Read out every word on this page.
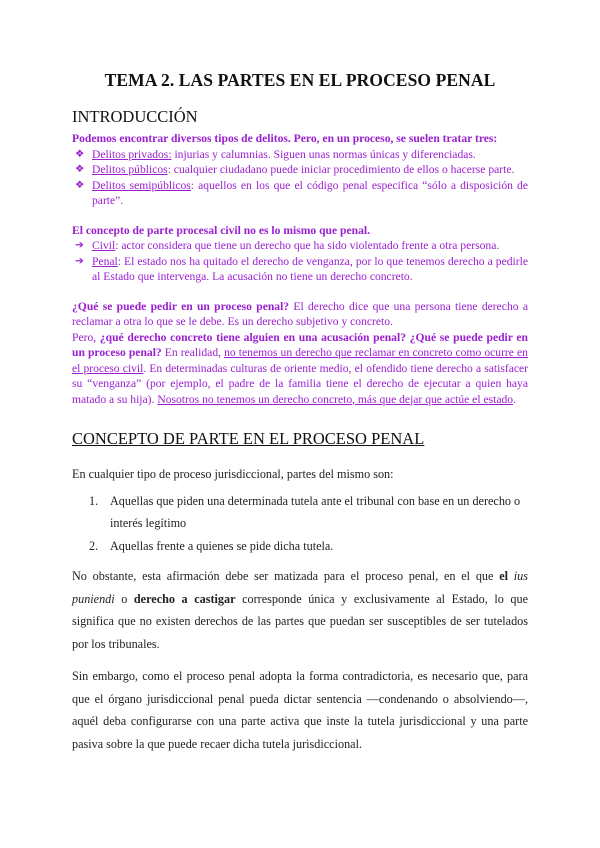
TEMA 2. LAS PARTES EN EL PROCESO PENAL
INTRODUCCIÓN

Podemos encontrar diversos tipos de delitos. Pero, en un proceso, se suelen tratar tres:

❖ Delitos privados: injurias y calumnias. Siguen unas normas únicas y diferenciadas.
❖ Delitos públicos: cualquier ciudadano puede iniciar procedimiento de ellos o hacerse parte.
❖ Delitos semipúblicos: aquellos en los que el código penal especifica “sólo a disposición de parte”.

El concepto de parte procesal civil no es lo mismo que penal.

➔ Civil: actor considera que tiene un derecho que ha sido violentado frente a otra persona.
➔ Penal: El estado nos ha quitado el derecho de venganza, por lo que tenemos derecho a pedirle al Estado que intervenga. La acusación no tiene un derecho concreto.

¿Qué se puede pedir en un proceso penal? El derecho dice que una persona tiene derecho a reclamar a otra lo que se le debe. Es un derecho subjetivo y concreto.

Pero, ¿qué derecho concreto tiene alguien en una acusación penal? ¿Qué se puede pedir en un proceso penal? En realidad, no tenemos un derecho que reclamar en concreto como ocurre en el proceso civil. En determinadas culturas de oriente medio, el ofendido tiene derecho a satisfacer su “venganza” (por ejemplo, el padre de la familia tiene el derecho de ejecutar a quien haya matado a su hija). Nosotros no tenemos un derecho concreto, más que dejar que actúe el estado.

CONCEPTO DE PARTE EN EL PROCESO PENAL

En cualquier tipo de proceso jurisdiccional, partes del mismo son:

1. Aquellas que piden una determinada tutela ante el tribunal con base en un derecho o interés legítimo
2. Aquellas frente a quienes se pide dicha tutela.

No obstante, esta afirmación debe ser matizada para el proceso penal, en el que el ius puniendi o derecho a castigar corresponde única y exclusivamente al Estado, lo que significa que no existen derechos de las partes que puedan ser susceptibles de ser tutelados por los tribunales.

Sin embargo, como el proceso penal adopta la forma contradictoria, es necesario que, para que el órgano jurisdiccional penal pueda dictar sentencia —condenando o absolviendo—, aquél deba configurarse con una parte activa que inste la tutela jurisdiccional y una parte pasiva sobre la que puede recaer dicha tutela jurisdiccional.
